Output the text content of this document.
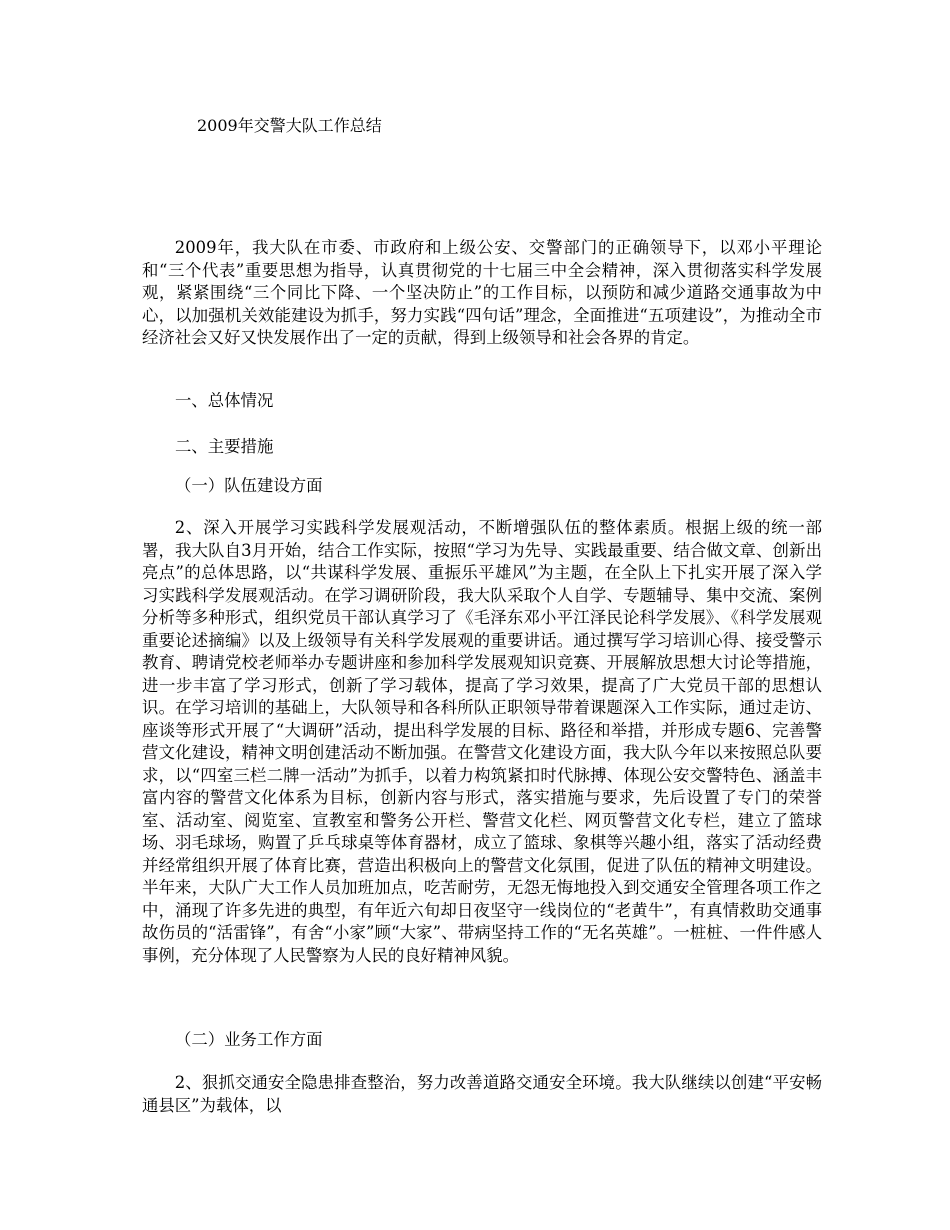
2009年交警大队工作总结

2009年，我大队在市委、市政府和上级公安、交警部门的正确领导下，以邓小平理论和“三个代表”重要思想为指导，认真贯彻党的十七届三中全会精神，深入贯彻落实科学发展观，紧紧围绕“三个同比下降、一个坚决防止”的工作目标，以预防和减少道路交通事故为中心，以加强机关效能建设为抓手，努力实践“四句话”理念，全面推进“五项建设”，为推动全市经济社会又好又快发展作出了一定的贡献，得到上级领导和社会各界的肯定。

一、总体情况

二、主要措施

（一）队伍建设方面

2、深入开展学习实践科学发展观活动，不断增强队伍的整体素质。根据上级的统一部署，我大队自3月开始，结合工作实际，按照“学习为先导、实践最重要、结合做文章、创新出亮点”的总体思路，以“共谋科学发展、重振乐平雄风”为主题，在全队上下扎实开展了深入学习实践科学发展观活动。在学习调研阶段，我大队采取个人自学、专题辅导、集中交流、案例分析等多种形式，组织党员干部认真学习了《毛泽东邓小平江泽民论科学发展》、《科学发展观重要论述摘编》以及上级领导有关科学发展观的重要讲话。通过撰写学习培训心得、接受警示教育、聘请党校老师举办专题讲座和参加科学发展观知识竞赛、开展解放思想大讨论等措施，进一步丰富了学习形式，创新了学习载体，提高了学习效果，提高了广大党员干部的思想认识。在学习培训的基础上，大队领导和各科所队正职领导带着课题深入工作实际，通过走访、座谈等形式开展了“大调研”活动，提出科学发展的目标、路径和举措，并形成专题6、完善警营文化建设，精神文明创建活动不断加强。在警营文化建设方面，我大队今年以来按照总队要求，以“四室三栏二牌一活动”为抓手，以着力构筑紧扣时代脉搏、体现公安交警特色、涵盖丰富内容的警营文化体系为目标，创新内容与形式，落实措施与要求，先后设置了专门的荣誉室、活动室、阅览室、宣教室和警务公开栏、警营文化栏、网页警营文化专栏，建立了篮球场、羽毛球场，购置了乒乓球桌等体育器材，成立了篮球、象棋等兴趣小组，落实了活动经费并经常组织开展了体育比赛，营造出积极向上的警营文化氛围，促进了队伍的精神文明建设。半年来，大队广大工作人员加班加点，吃苦耐劳，无怨无悔地投入到交通安全管理各项工作之中，涌现了许多先进的典型，有年近六旬却日夜坚守一线岗位的“老黄牛”，有真情救助交通事故伤员的“活雷锋”，有舍“小家”顾“大家”、带病坚持工作的“无名英雄”。一桩桩、一件件感人事例，充分体现了人民警察为人民的良好精神风貌。

（二）业务工作方面

2、狠抓交通安全隐患排查整治，努力改善道路交通安全环境。我大队继续以创建“平安畅通县区”为载体，以
